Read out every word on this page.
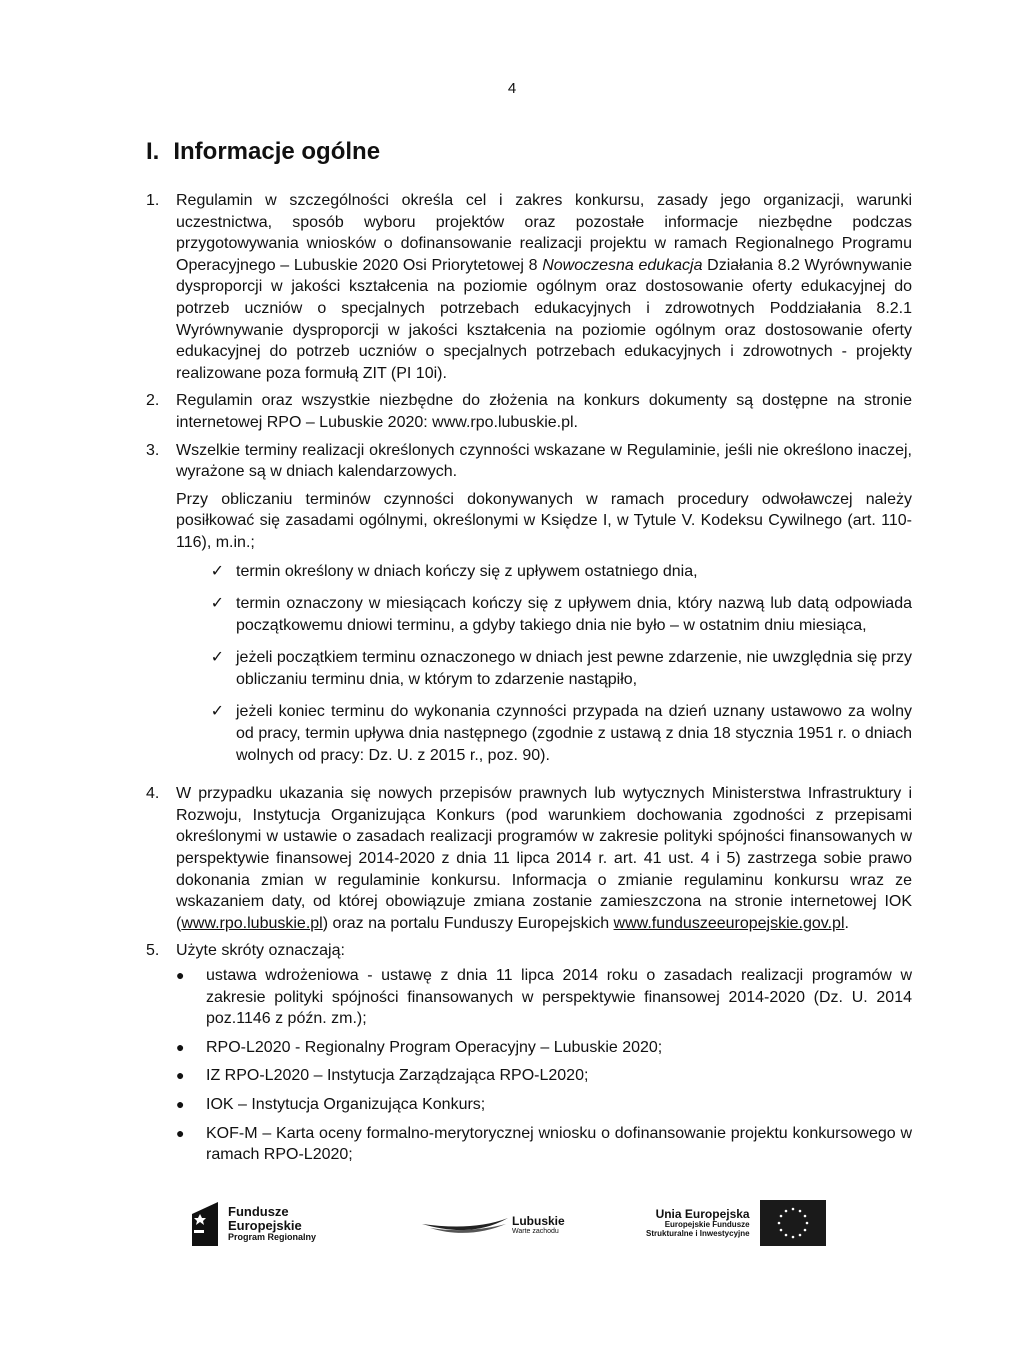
4
I. Informacje ogólne
1.	Regulamin w szczególności określa cel i zakres konkursu, zasady jego organizacji, warunki uczestnictwa, sposób wyboru projektów oraz pozostałe informacje niezbędne podczas przygotowywania wniosków o dofinansowanie realizacji projektu w ramach Regionalnego Programu Operacyjnego – Lubuskie 2020 Osi Priorytetowej 8 Nowoczesna edukacja Działania 8.2 Wyrównywanie dysproporcji w jakości kształcenia na poziomie ogólnym oraz dostosowanie oferty edukacyjnej do potrzeb uczniów o specjalnych potrzebach edukacyjnych i zdrowotnych Poddziałania 8.2.1 Wyrównywanie dysproporcji w jakości kształcenia na poziomie ogólnym oraz dostosowanie oferty edukacyjnej do potrzeb uczniów o specjalnych potrzebach edukacyjnych i zdrowotnych - projekty realizowane poza formułą ZIT (PI 10i).

2.	Regulamin oraz wszystkie niezbędne do złożenia na konkurs dokumenty są dostępne na stronie internetowej RPO – Lubuskie 2020: www.rpo.lubuskie.pl.

3.	Wszelkie terminy realizacji określonych czynności wskazane w Regulaminie, jeśli nie określono inaczej, wyrażone są w dniach kalendarzowych.

Przy obliczaniu terminów czynności dokonywanych w ramach procedury odwoławczej należy posiłkować się zasadami ogólnymi, określonymi w Księdze I, w Tytule V. Kodeksu Cywilnego (art. 110-116), m.in.;

✓ termin określony w dniach kończy się z upływem ostatniego dnia,
✓ termin oznaczony w miesiącach kończy się z upływem dnia, który nazwą lub datą odpowiada początkowemu dniowi terminu, a gdyby takiego dnia nie było – w ostatnim dniu miesiąca,
✓ jeżeli początkiem terminu oznaczonego w dniach jest pewne zdarzenie, nie uwzględnia się przy obliczaniu terminu dnia, w którym to zdarzenie nastąpiło,
✓ jeżeli koniec terminu do wykonania czynności przypada na dzień uznany ustawowo za wolny od pracy, termin upływa dnia następnego (zgodnie z ustawą z dnia 18 stycznia 1951 r. o dniach wolnych od pracy: Dz. U. z 2015 r., poz. 90).
4.	W przypadku ukazania się nowych przepisów prawnych lub wytycznych Ministerstwa Infrastruktury i Rozwoju, Instytucja Organizująca Konkurs (pod warunkiem dochowania zgodności z przepisami określonymi w ustawie o zasadach realizacji programów w zakresie polityki spójności finansowanych w perspektywie finansowej 2014-2020 z dnia 11 lipca 2014 r. art. 41 ust. 4 i 5) zastrzega sobie prawo dokonania zmian w regulaminie konkursu. Informacja o zmianie regulaminu konkursu wraz ze wskazaniem daty, od której obowiązuje zmiana zostanie zamieszczona na stronie internetowej IOK (www.rpo.lubuskie.pl) oraz na portalu Funduszy Europejskich www.funduszeeuropejskie.gov.pl.

5.	Użyte skróty oznaczają:

●	ustawa wdrożeniowa - ustawę z dnia 11 lipca 2014 roku o zasadach realizacji programów w zakresie polityki spójności finansowanych w perspektywie finansowej 2014-2020 (Dz. U. 2014 poz.1146 z późn. zm.);
●	RPO-L2020 - Regionalny Program Operacyjny – Lubuskie 2020;
●	IZ RPO-L2020 – Instytucja Zarządzająca RPO-L2020;
●	IOK – Instytucja Organizująca Konkurs;
●	KOF-M – Karta oceny formalno-merytorycznej wniosku o dofinansowanie projektu konkursowego w ramach RPO-L2020;
Fundusze
Europejskie
Program Regionalny
Lubuskie
Warte zachodu
Unia Europejska
Europejskie Fundusze
Strukturalne i Inwestycyjne
